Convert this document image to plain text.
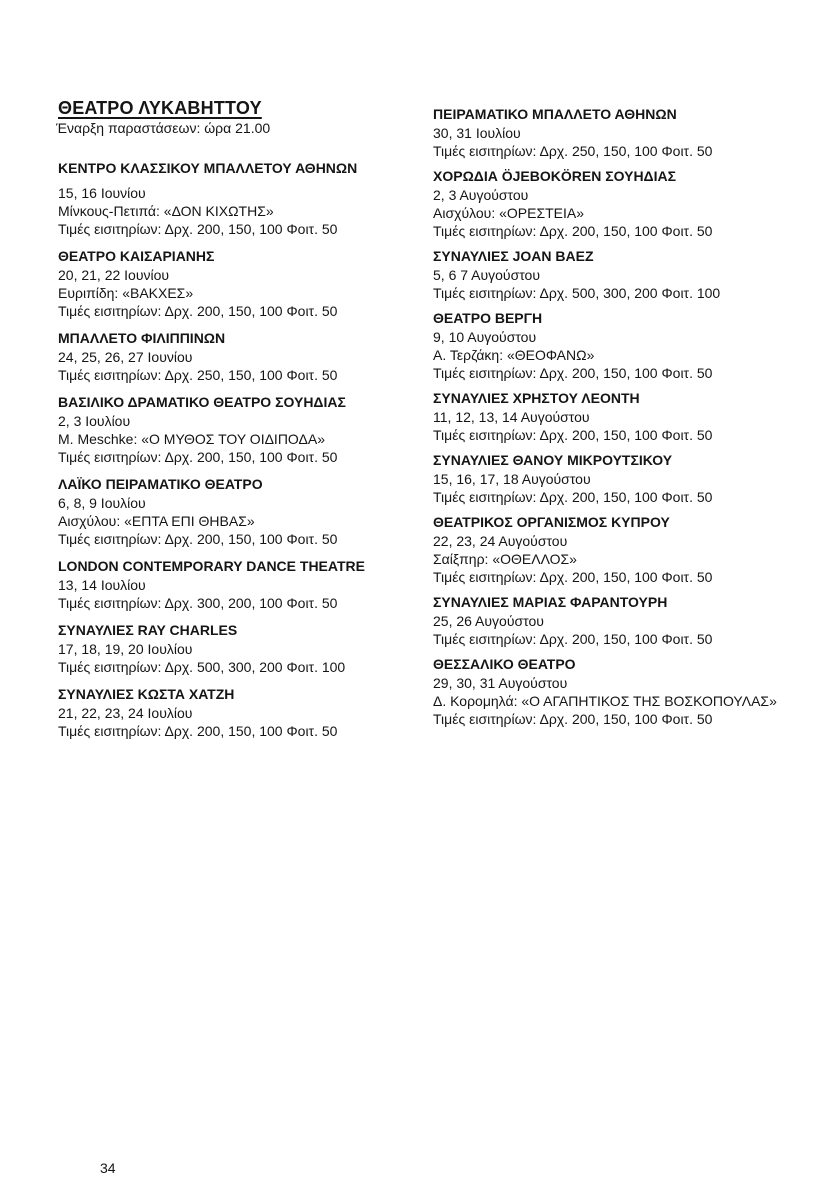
ΘΕΑΤΡΟ ΛΥΚΑΒΗΤΤΟΥ
Έναρξη παραστάσεων: ώρα 21.00
ΚΕΝΤΡΟ ΚΛΑΣΣΙΚΟΥ ΜΠΑΛΛΕΤΟΥ ΑΘΗΝΩΝ
15, 16 Ιουνίου
Μίνκους-Πετιπά: «ΔΟΝ ΚΙΧΩΤΗΣ»
Τιμές εισιτηρίων: Δρχ. 200, 150, 100 Φοιτ. 50
ΘΕΑΤΡΟ ΚΑΙΣΑΡΙΑΝΗΣ
20, 21, 22 Ιουνίου
Ευριπίδη: «ΒΑΚΧΕΣ»
Τιμές εισιτηρίων: Δρχ. 200, 150, 100 Φοιτ. 50
ΜΠΑΛΛΕΤΟ ΦΙΛΙΠΠΙΝΩΝ
24, 25, 26, 27 Ιουνίου
Τιμές εισιτηρίων: Δρχ. 250, 150, 100 Φοιτ. 50
ΒΑΣΙΛΙΚΟ ΔΡΑΜΑΤΙΚΟ ΘΕΑΤΡΟ ΣΟΥΗΔΙΑΣ
2, 3 Ιουλίου
M. Meschke: «Ο ΜΥΘΟΣ ΤΟΥ ΟΙΔΙΠΟΔΑ»
Τιμές εισιτηρίων: Δρχ. 200, 150, 100 Φοιτ. 50
ΛΑΪΚΟ ΠΕΙΡΑΜΑΤΙΚΟ ΘΕΑΤΡΟ
6, 8, 9 Ιουλίου
Αισχύλου: «ΕΠΤΑ ΕΠΙ ΘΗΒΑΣ»
Τιμές εισιτηρίων: Δρχ. 200, 150, 100 Φοιτ. 50
LONDON CONTEMPORARY DANCE THEATRE
13, 14 Ιουλίου
Τιμές εισιτηρίων: Δρχ. 300, 200, 100 Φοιτ. 50
ΣΥΝΑΥΛΙΕΣ RAY CHARLES
17, 18, 19, 20 Ιουλίου
Τιμές εισιτηρίων: Δρχ. 500, 300, 200 Φοιτ. 100
ΣΥΝΑΥΛΙΕΣ ΚΩΣΤΑ ΧΑΤΖΗ
21, 22, 23, 24 Ιουλίου
Τιμές εισιτηρίων: Δρχ. 200, 150, 100 Φοιτ. 50
ΠΕΙΡΑΜΑΤΙΚΟ ΜΠΑΛΛΕΤΟ ΑΘΗΝΩΝ
30, 31 Ιουλίου
Τιμές εισιτηρίων: Δρχ. 250, 150, 100 Φοιτ. 50
ΧΟΡΩΔΙΑ ÖJEBOKÖREN ΣΟΥΗΔΙΑΣ
2, 3 Αυγούστου
Αισχύλου: «ΟΡΕΣΤΕΙΑ»
Τιμές εισιτηρίων: Δρχ. 200, 150, 100 Φοιτ. 50
ΣΥΝΑΥΛΙΕΣ JOAN BAEZ
5, 6 7 Αυγούστου
Τιμές εισιτηρίων: Δρχ. 500, 300, 200 Φοιτ. 100
ΘΕΑΤΡΟ ΒΕΡΓΗ
9, 10 Αυγούστου
Α. Τερζάκη: «ΘΕΟΦΑΝΩ»
Τιμές εισιτηρίων: Δρχ. 200, 150, 100 Φοιτ. 50
ΣΥΝΑΥΛΙΕΣ ΧΡΗΣΤΟΥ ΛΕΟΝΤΗ
11, 12, 13, 14 Αυγούστου
Τιμές εισιτηρίων: Δρχ. 200, 150, 100 Φοιτ. 50
ΣΥΝΑΥΛΙΕΣ ΘΑΝΟΥ ΜΙΚΡΟΥΤΣΙΚΟΥ
15, 16, 17, 18 Αυγούστου
Τιμές εισιτηρίων: Δρχ. 200, 150, 100 Φοιτ. 50
ΘΕΑΤΡΙΚΟΣ ΟΡΓΑΝΙΣΜΟΣ ΚΥΠΡΟΥ
22, 23, 24 Αυγούστου
Σαίξπηρ: «ΟΘΕΛΛΟΣ»
Τιμές εισιτηρίων: Δρχ. 200, 150, 100 Φοιτ. 50
ΣΥΝΑΥΛΙΕΣ ΜΑΡΙΑΣ ΦΑΡΑΝΤΟΥΡΗ
25, 26 Αυγούστου
Τιμές εισιτηρίων: Δρχ. 200, 150, 100 Φοιτ. 50
ΘΕΣΣΑΛΙΚΟ ΘΕΑΤΡΟ
29, 30, 31 Αυγούστου
Δ. Κορομηλά: «Ο ΑΓΑΠΗΤΙΚΟΣ ΤΗΣ ΒΟΣΚΟΠΟΥΛΑΣ»
Τιμές εισιτηρίων: Δρχ. 200, 150, 100 Φοιτ. 50
34
